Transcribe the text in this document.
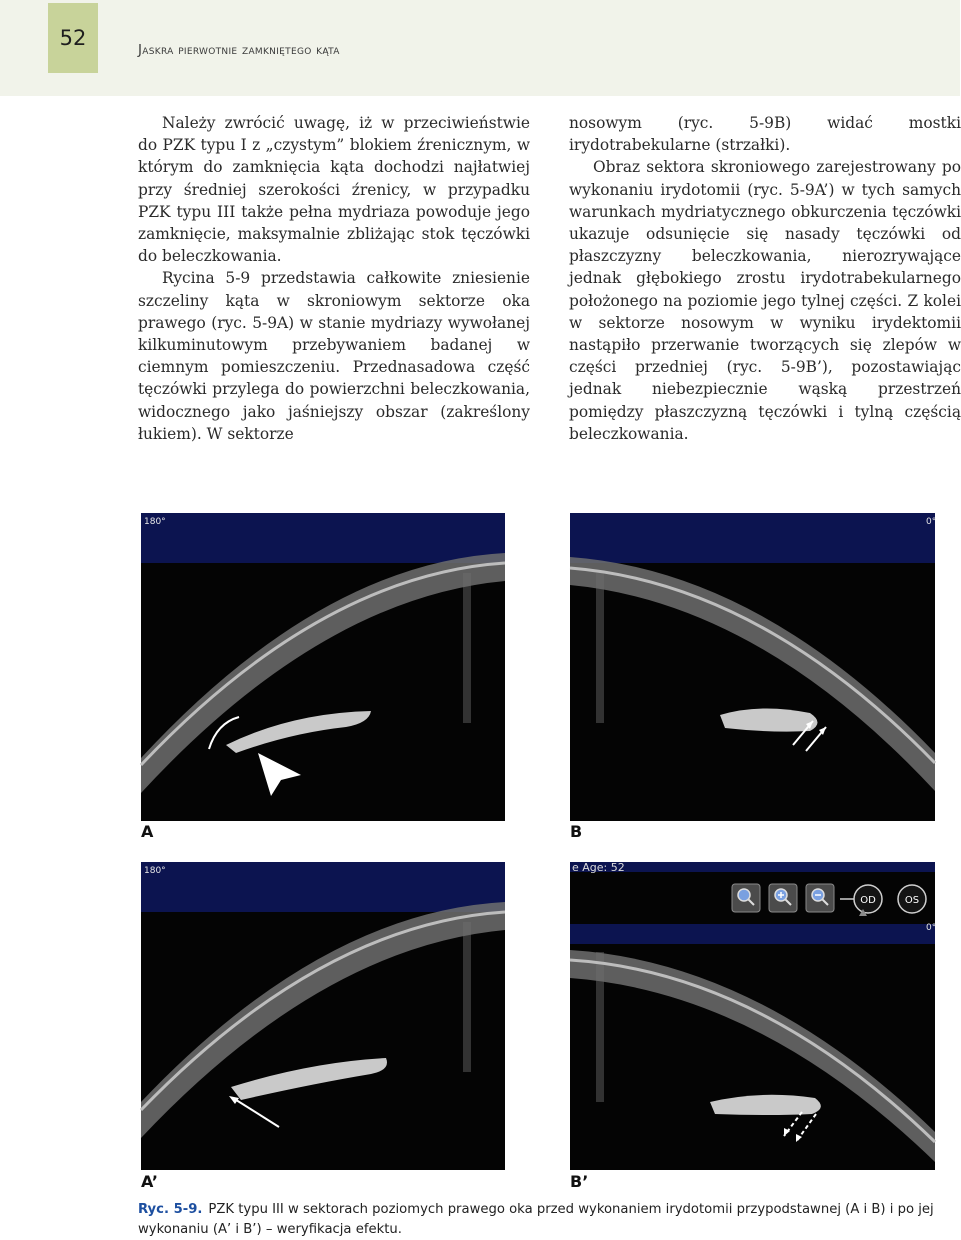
52	Jaskra pierwotnie zamkniętego kąta

Należy zwrócić uwagę, iż w przeciwieństwie do PZK typu I z „czystym” blokiem źrenicznym, w którym do zamknięcia kąta dochodzi najłatwiej przy średniej szerokości źrenicy, w przypadku PZK typu III także pełna mydriaza powoduje jego zamknięcie, maksymalnie zbliżając stok tęczówki do beleczkowania.

Rycina 5-9 przedstawia całkowite zniesienie szczeliny kąta w skroniowym sektorze oka prawego (ryc. 5-9A) w stanie mydriazy wywołanej kilkuminutowym przebywaniem badanej w ciemnym pomieszczeniu. Przednasadowa część tęczówki przylega do powierzchni beleczkowania, widocznego jako jaśniejszy obszar (zakreślony łukiem). W sektorze

nosowym (ryc. 5-9B) widać mostki irydotrabekularne (strzałki).

Obraz sektora skroniowego zarejestrowany po wykonaniu irydotomii (ryc. 5-9A’) w tych samych warunkach mydriatycznego obkurczenia tęczówki ukazuje odsunięcie się nasady tęczówki od płaszczyzny beleczkowania, nierozrywające jednak głębokiego zrostu irydotrabekularnego położonego na poziomie jego tylnej części. Z kolei w sektorze nosowym w wyniku irydektomii nastąpiło przerwanie tworzących się zlepów w części przedniej (ryc. 5-9B’), pozostawiając jednak niebezpiecznie wąską przestrzeń pomiędzy płaszczyzną tęczówki i tylną częścią beleczkowania.

180°
A
0°
B
180°
A’
e Age: 52
0°
OD	OS
B’
Ryc. 5-9. PZK typu III w sektorach poziomych prawego oka przed wykonaniem irydotomii przypodstawnej (A i B) i po jej wykonaniu (A’ i B’) – weryfikacja efektu.
